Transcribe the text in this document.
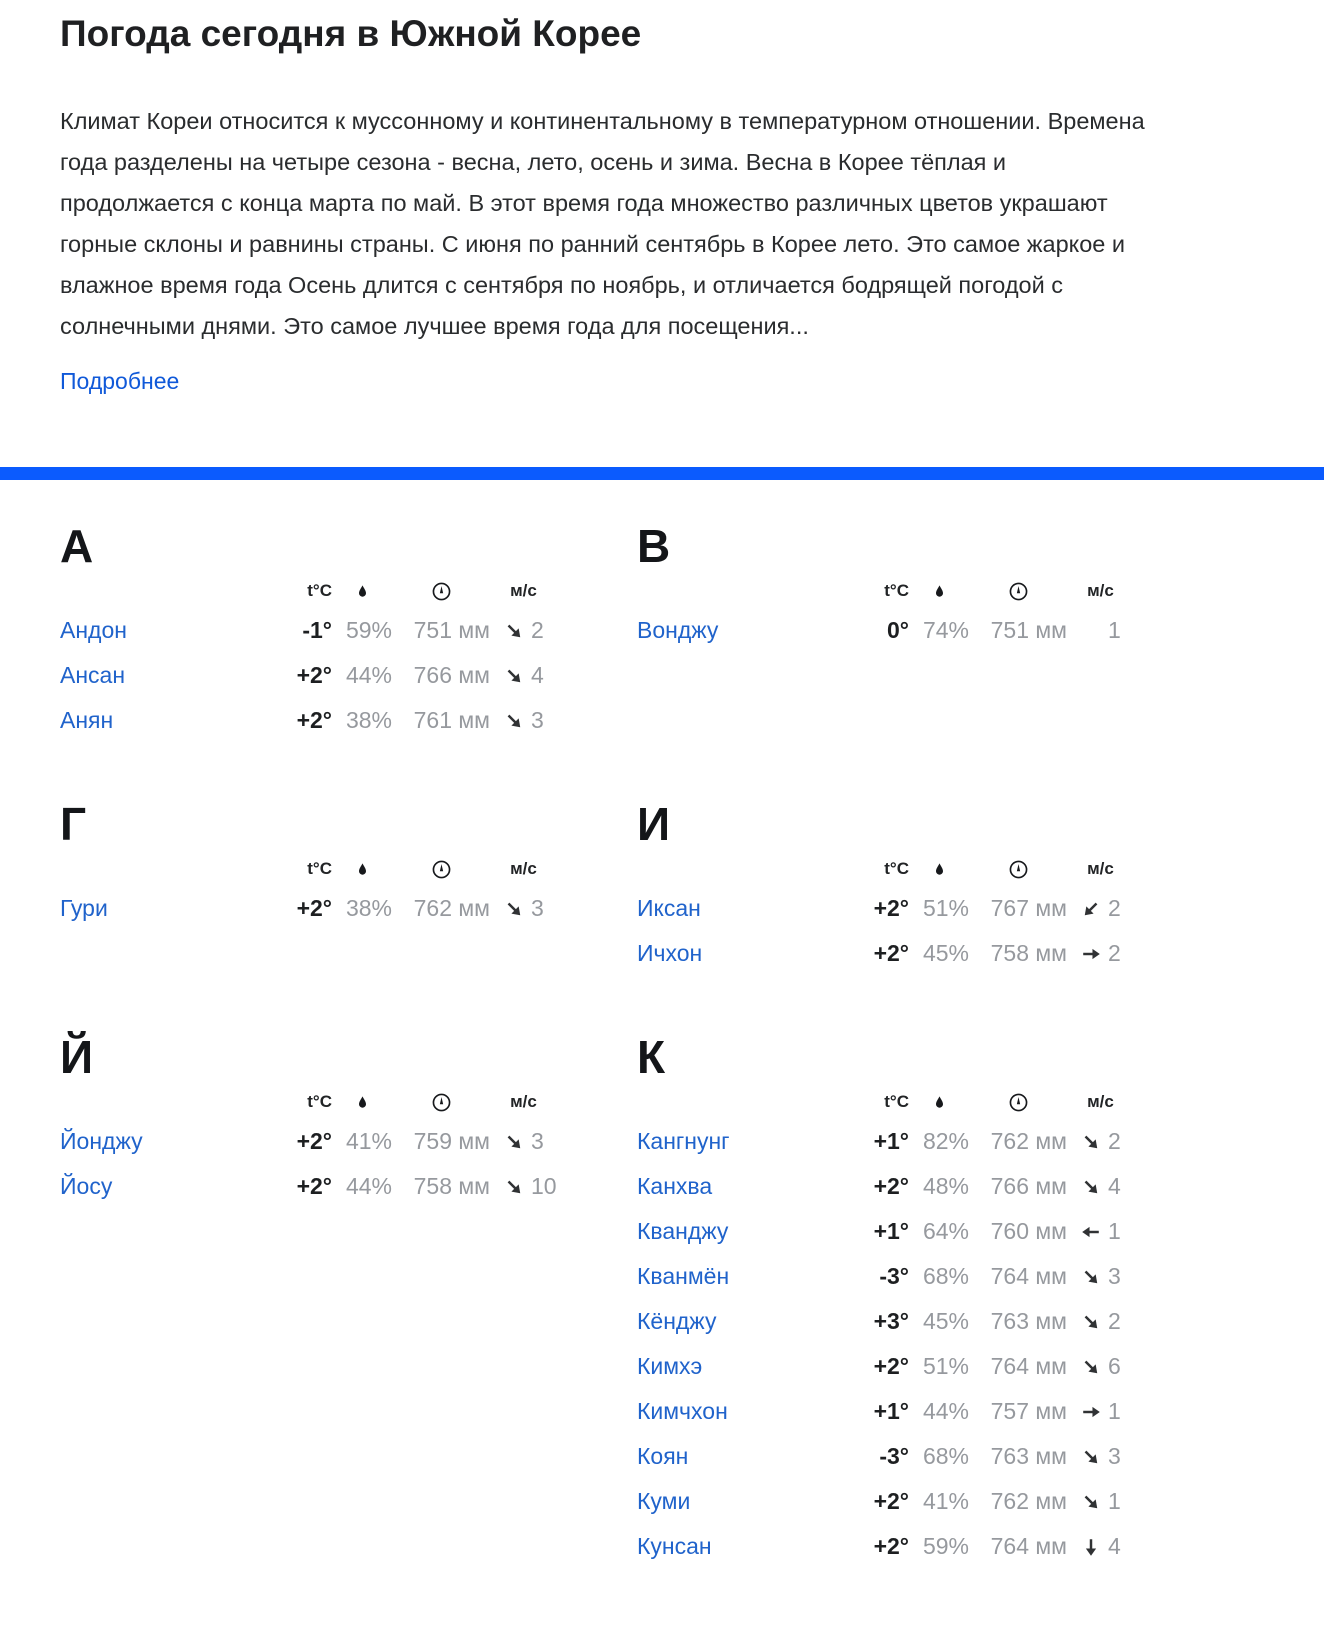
Погода сегодня в Южной Корее

Климат Кореи относится к муссонному и континентальному в температурном отношении. Времена года разделены на четыре сезона - весна, лето, осень и зима. Весна в Корее тёплая и продолжается с конца марта по май. В этот время года множество различных цветов украшают горные склоны и равнины страны. С июня по ранний сентябрь в Корее лето. Это самое жаркое и влажное время года Осень длится с сентября по ноябрь, и отличается бодрящей погодой с солнечными днями. Это самое лучшее время года для посещения...

Подробнее
А
t°C	м/с
Андон	-1° 59% 751 мм 2
Ансан	+2° 44% 766 мм 4
Анян	+2° 38% 761 мм 3
В
t°C	м/с
Вонджу	0° 74% 751 мм 1
Г
t°C	м/с
Гури	+2° 38% 762 мм 3
И
t°C	м/с
Иксан	+2° 51% 767 мм 2
Ичхон	+2° 45% 758 мм 2
Й
t°C	м/с
Йонджу	+2° 41% 759 мм 3
Йосу	+2° 44% 758 мм 10
К
t°C	м/с
Кангнунг	+1° 82% 762 мм 2
Канхва	+2° 48% 766 мм 4
Кванджу	+1° 64% 760 мм 1
Кванмён	-3° 68% 764 мм 3
Кёнджу	+3° 45% 763 мм 2
Кимхэ	+2° 51% 764 мм 6
Кимчхон	+1° 44% 757 мм 1
Коян	-3° 68% 763 мм 3
Куми	+2° 41% 762 мм 1
Кунсан	+2° 59% 764 мм 4
